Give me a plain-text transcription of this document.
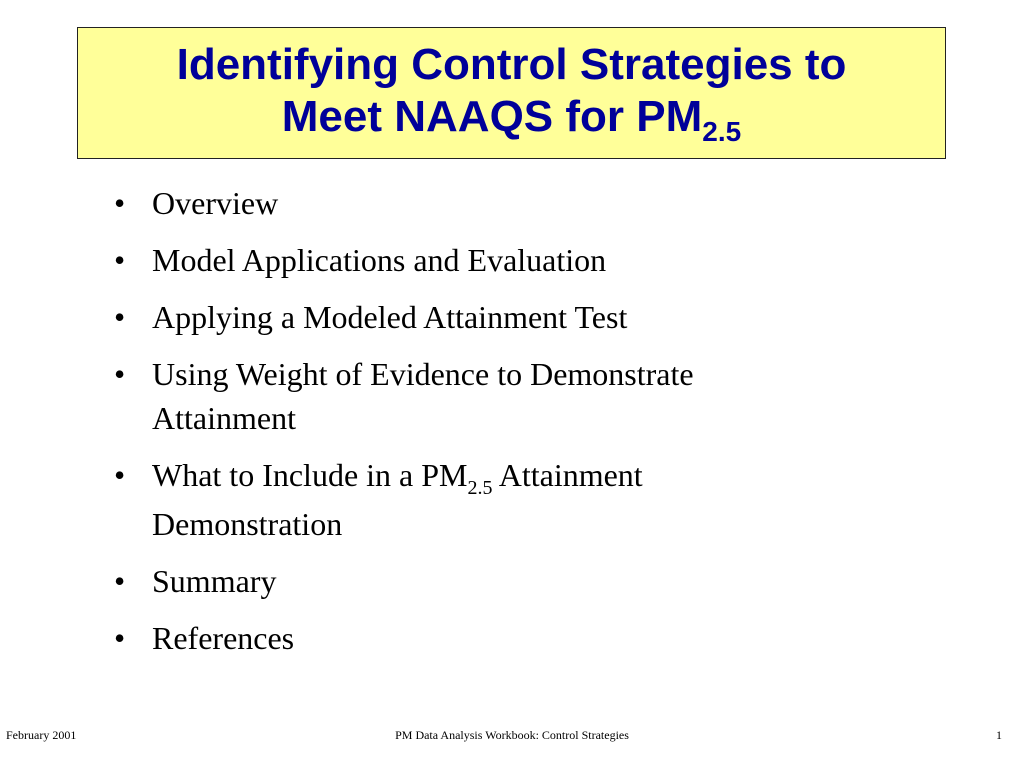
Identifying Control Strategies to
Meet NAAQS for $PM_{2.5}$
• Overview
• Model Applications and Evaluation
• Applying a Modeled Attainment Test
• Using Weight of Evidence to Demonstrate
Attainment
• What to Include in a $PM_{2.5}$ Attainment
Demonstration
• Summary
• References
February 2001	PM Data Analysis Workbook: Control Strategies	1
